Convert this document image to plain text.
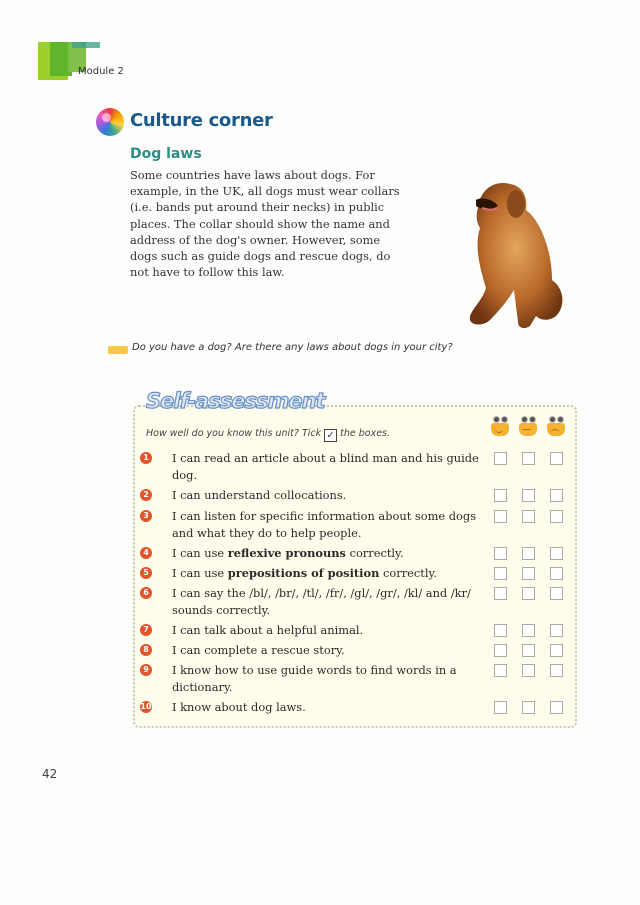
Module 2
Culture corner
Dog laws
Some countries have laws about dogs. For example, in the UK, all dogs must wear collars (i.e. bands put around their necks) in public places. The collar should show the name and address of the dog's owner. However, some dogs such as guide dogs and rescue dogs, do not have to follow this law.
Do you have a dog? Are there any laws about dogs in your city?
Self-assessment
How well do you know this unit? Tick ✓ the boxes.
1 I can read an article about a blind man and his guide dog.
2 I can understand collocations.
3 I can listen for specific information about some dogs and what they do to help people.
4 I can use reflexive pronouns correctly.
5 I can use prepositions of position correctly.
6 I can say the /bl/, /br/, /tl/, /fr/, /gl/, /gr/, /kl/ and /kr/ sounds correctly.
7 I can talk about a helpful animal.
8 I can complete a rescue story.
9 I know how to use guide words to find words in a dictionary.
10 I know about dog laws.
42
